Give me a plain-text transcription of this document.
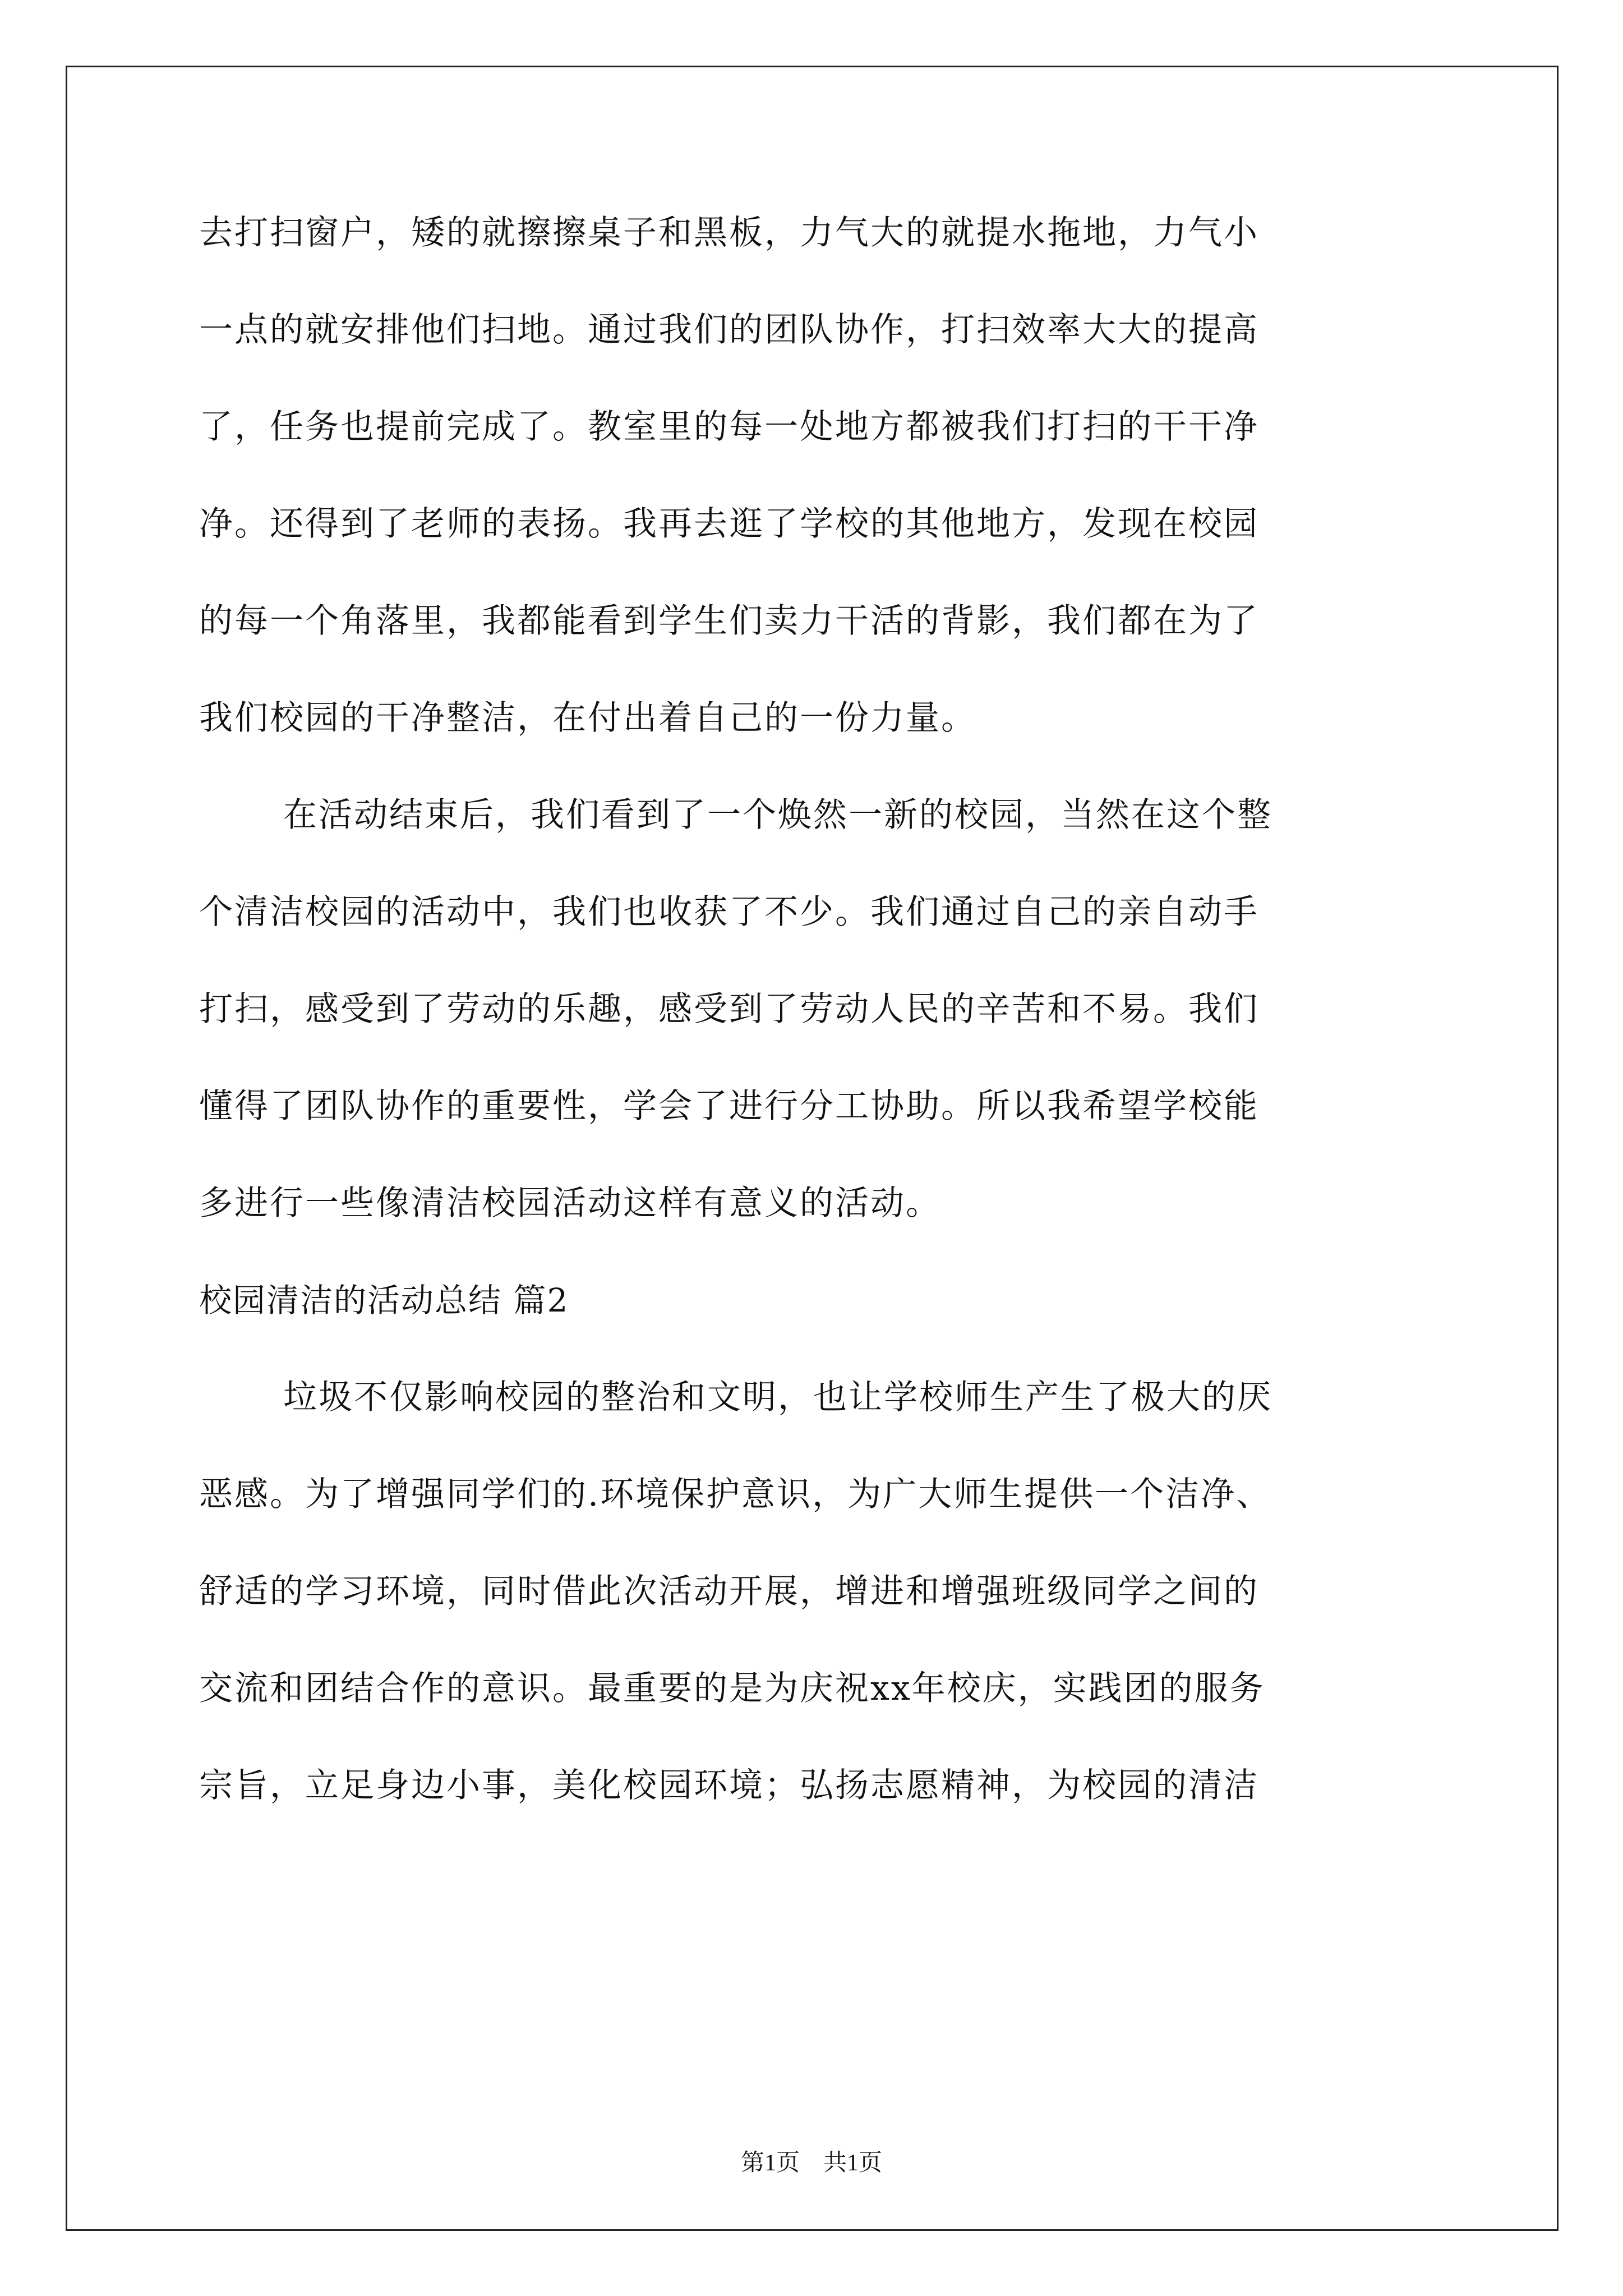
去打扫窗户，矮的就擦擦桌子和黑板，力气大的就提水拖地，力气小
一点的就安排他们扫地。通过我们的团队协作，打扫效率大大的提高
了，任务也提前完成了。教室里的每一处地方都被我们打扫的干干净
净。还得到了老师的表扬。我再去逛了学校的其他地方，发现在校园
的每一个角落里，我都能看到学生们卖力干活的背影，我们都在为了
我们校园的干净整洁，在付出着自己的一份力量。
在活动结束后，我们看到了一个焕然一新的校园，当然在这个整
个清洁校园的活动中，我们也收获了不少。我们通过自己的亲自动手
打扫，感受到了劳动的乐趣，感受到了劳动人民的辛苦和不易。我们
懂得了团队协作的重要性，学会了进行分工协助。所以我希望学校能
多进行一些像清洁校园活动这样有意义的活动。
校园清洁的活动总结 篇2
垃圾不仅影响校园的整治和文明，也让学校师生产生了极大的厌
恶感。为了增强同学们的.环境保护意识，为广大师生提供一个洁净、
舒适的学习环境，同时借此次活动开展，增进和增强班级同学之间的
交流和团结合作的意识。最重要的是为庆祝xx年校庆，实践团的服务
宗旨，立足身边小事，美化校园环境；弘扬志愿精神，为校园的清洁
第1页　共1页
